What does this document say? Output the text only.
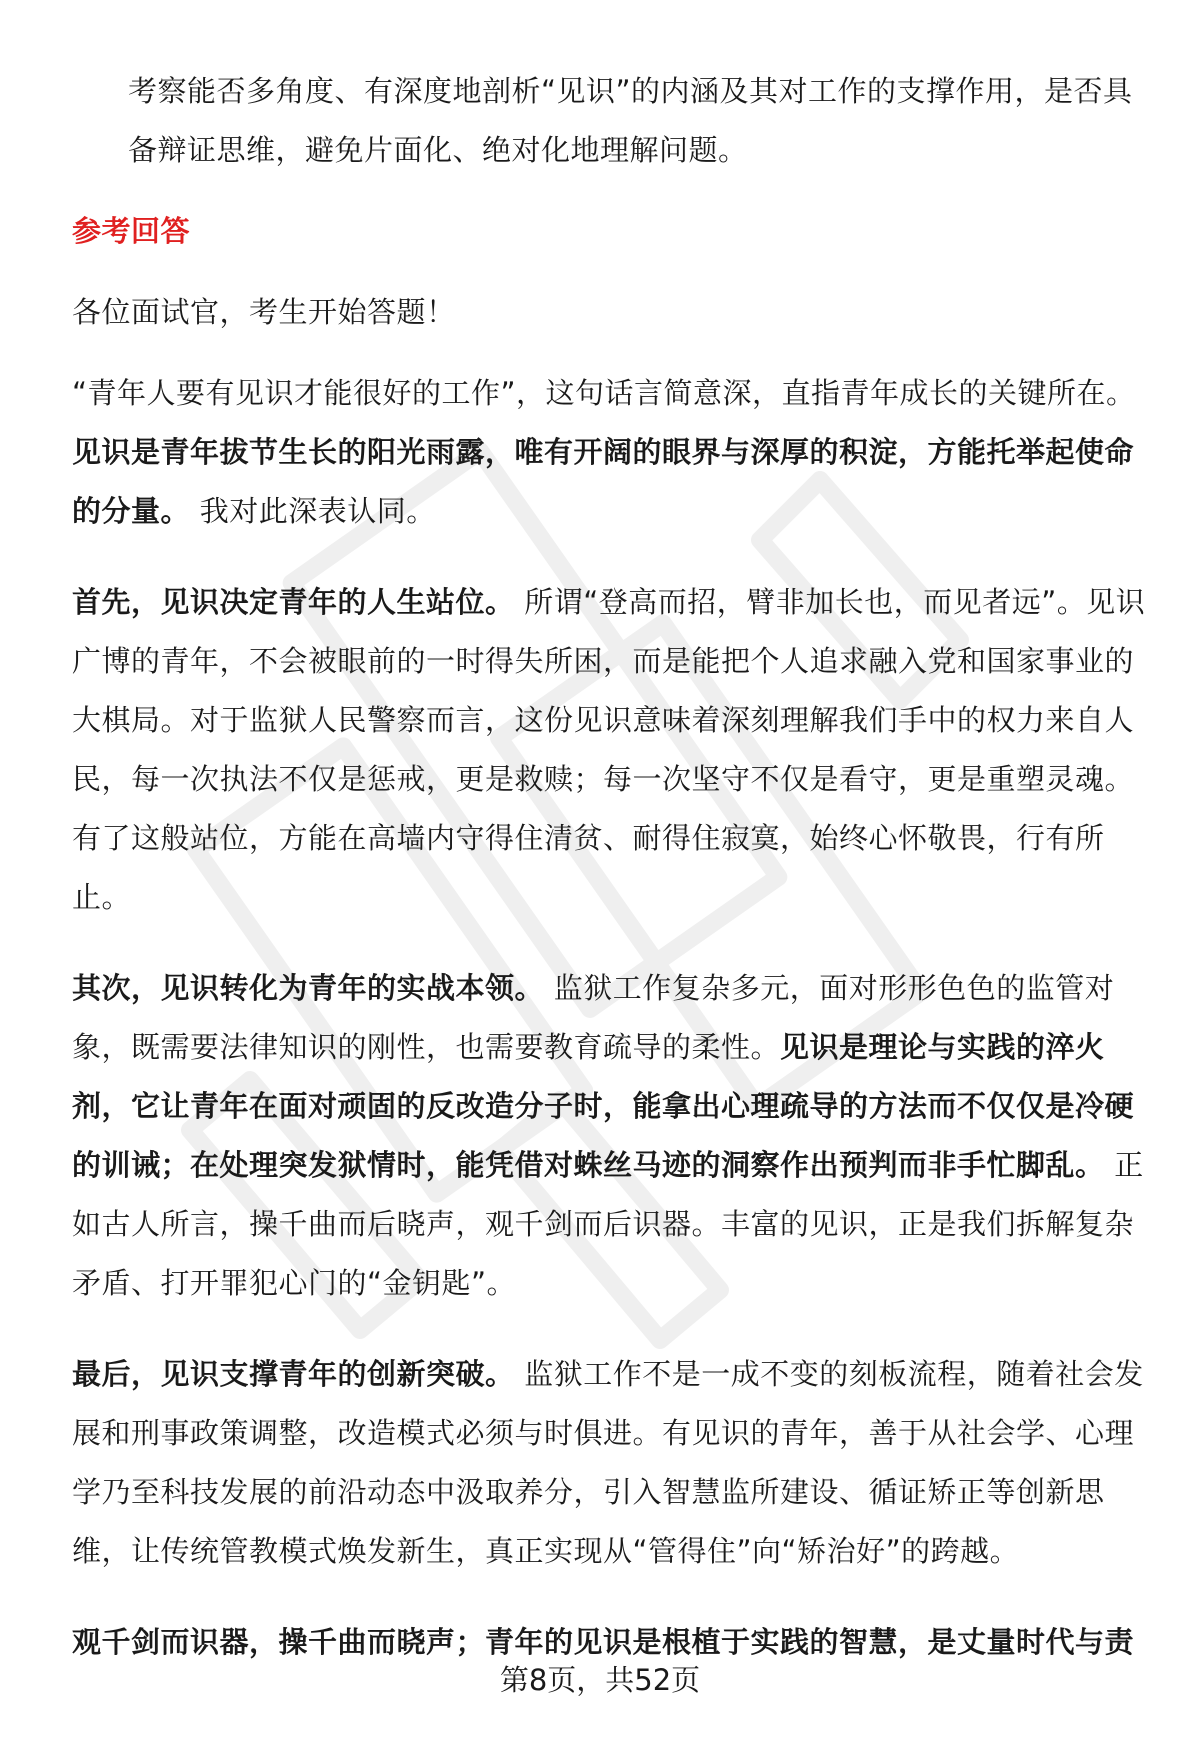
考察能否多角度、有深度地剖析“见识”的内涵及其对工作的支撑作用，是否具备辩证思维，避免片面化、绝对化地理解问题。

参考回答

各位面试官，考生开始答题！

“青年人要有见识才能很好的工作”，这句话言简意深，直指青年成长的关键所在。见识是青年拔节生长的阳光雨露，唯有开阔的眼界与深厚的积淀，方能托举起使命的分量。 我对此深表认同。

首先，见识决定青年的人生站位。 所谓“登高而招，臂非加长也，而见者远”。见识广博的青年，不会被眼前的一时得失所困，而是能把个人追求融入党和国家事业的大棋局。对于监狱人民警察而言，这份见识意味着深刻理解我们手中的权力来自人民，每一次执法不仅是惩戒，更是救赎；每一次坚守不仅是看守，更是重塑灵魂。有了这般站位，方能在高墙内守得住清贫、耐得住寂寞，始终心怀敬畏，行有所止。

其次，见识转化为青年的实战本领。 监狱工作复杂多元，面对形形色色的监管对象，既需要法律知识的刚性，也需要教育疏导的柔性。见识是理论与实践的淬火剂，它让青年在面对顽固的反改造分子时，能拿出心理疏导的方法而不仅仅是冷硬的训诫；在处理突发狱情时，能凭借对蛛丝马迹的洞察作出预判而非手忙脚乱。 正如古人所言，操千曲而后晓声，观千剑而后识器。丰富的见识，正是我们拆解复杂矛盾、打开罪犯心门的“金钥匙”。

最后，见识支撑青年的创新突破。 监狱工作不是一成不变的刻板流程，随着社会发展和刑事政策调整，改造模式必须与时俱进。有见识的青年，善于从社会学、心理学乃至科技发展的前沿动态中汲取养分，引入智慧监所建设、循证矫正等创新思维，让传统管教模式焕发新生，真正实现从“管得住”向“矫治好”的跨越。

观千剑而识器，操千曲而晓声；青年的见识是根植于实践的智慧，是丈量时代与责

第8页，共52页
